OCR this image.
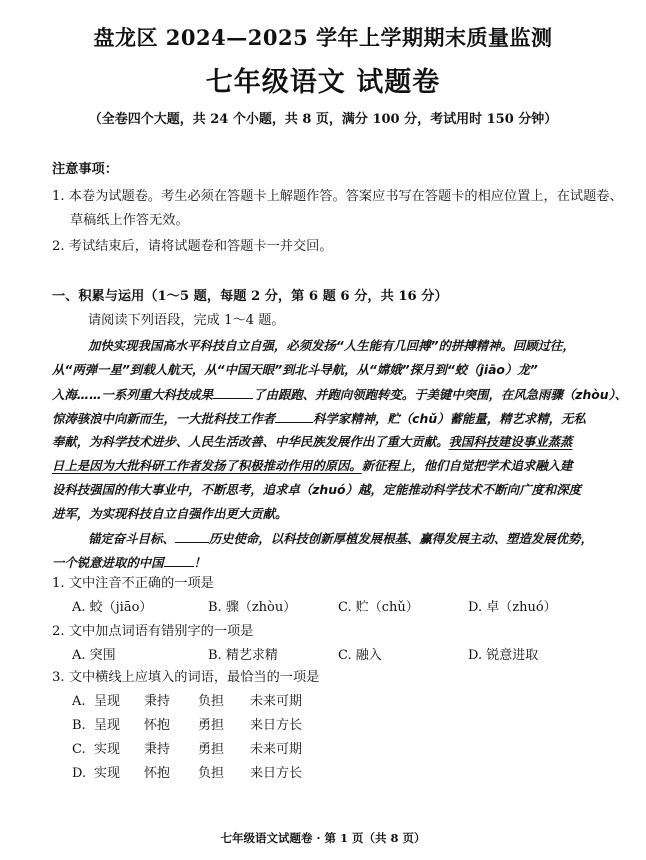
盘龙区 2024—2025 学年上学期期末质量监测
七年级语文 试题卷
（全卷四个大题，共 24 个小题，共 8 页，满分 100 分，考试用时 150 分钟）
注意事项：
1. 本卷为试题卷。考生必须在答题卡上解题作答。答案应书写在答题卡的相应位置上，在试题卷、
草稿纸上作答无效。
2. 考试结束后，请将试题卷和答题卡一并交回。
一、积累与运用（1～5 题，每题 2 分，第 6 题 6 分，共 16 分）
请阅读下列语段，完成 1～4 题。
加快实现我国高水平科技自立自强，必须发扬“人生能有几回搏”的拼搏精神。回顾过往，
从“两弹一星”到载人航天，从“中国天眼”到北斗导航，从“嫦娥”探月到“蛟（jiāo）龙”
入海……一系列重大科技成果	了由跟跑、并跑向领跑转变。于美键中突围，在风急雨骤（zhòu）、
惊涛骇浪中向新而生，一大批科技工作者	科学家精神，贮（chǔ）蓄能量，精艺求精，无私
奉献，为科学技术进步、人民生活改善、中华民族发展作出了重大贡献。我国科技建设事业蒸蒸
日上是因为大批科研工作者发扬了积极推动作用的原因。新征程上，他们自觉把学术追求融入建
设科技强国的伟大事业中，不断思考，追求卓（zhuó）越，定能推动科学技术不断向广度和深度
进军，为实现科技自立自强作出更大贡献。
锚定奋斗目标、	历史使命，以科技创新厚植发展根基、赢得发展主动、塑造发展优势，
一个锐意进取的中国 ！
1. 文中注音不正确的一项是
A. 蛟（jiāo）	B. 骤（zhòu）	C. 贮（chǔ）	D. 卓（zhuó）
2. 文中加点词语有错别字的一项是
A. 突围	B. 精艺求精	C. 融入	D. 锐意进取
3. 文中横线上应填入的词语，最恰当的一项是
A. 呈现 秉持 负担 未来可期
B. 呈现 怀抱 勇担 来日方长
C. 实现 秉持 勇担 未来可期
D. 实现 怀抱 负担 来日方长
七年级语文试题卷 · 第 1 页（共 8 页）
